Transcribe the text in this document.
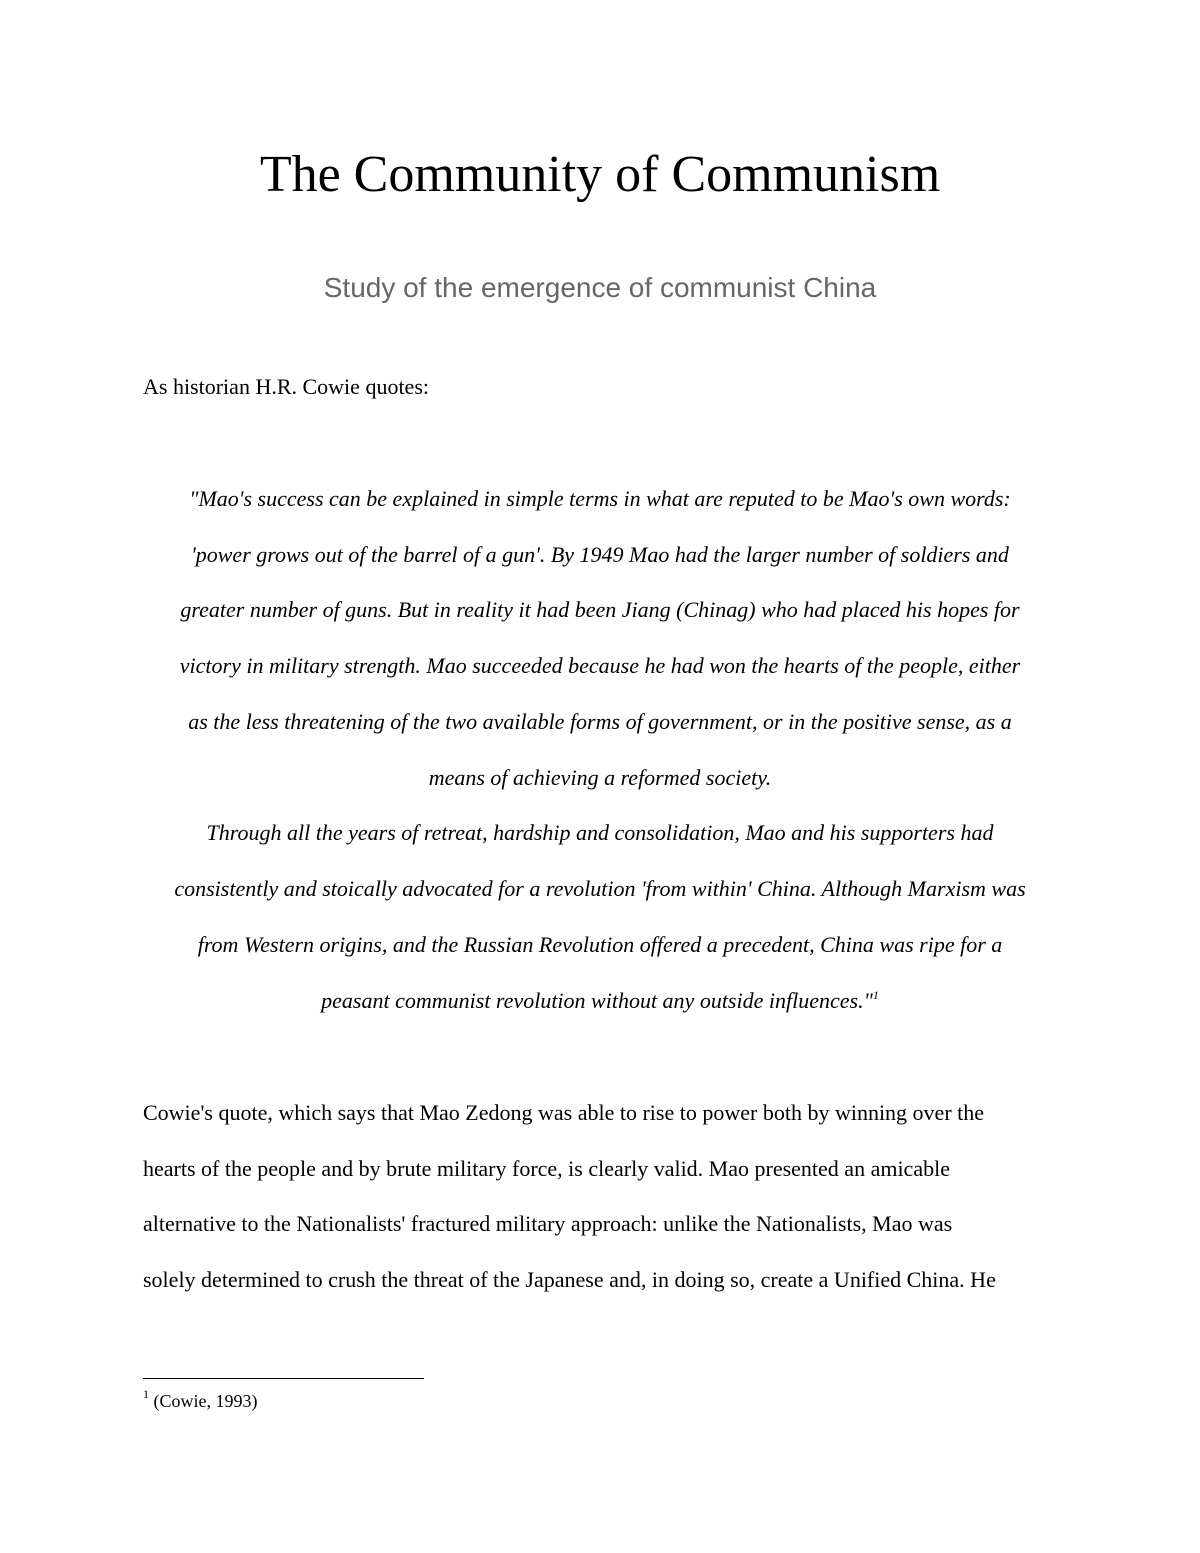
The Community of Communism
Study of the emergence of communist China

As historian H.R. Cowie quotes:

"Mao's success can be explained in simple terms in what are reputed to be Mao's own words:
'power grows out of the barrel of a gun'. By 1949 Mao had the larger number of soldiers and
greater number of guns. But in reality it had been Jiang (Chinag) who had placed his hopes for
victory in military strength. Mao succeeded because he had won the hearts of the people, either
as the less threatening of the two available forms of government, or in the positive sense, as a
means of achieving a reformed society.
Through all the years of retreat, hardship and consolidation, Mao and his supporters had
consistently and stoically advocated for a revolution 'from within' China. Although Marxism was
from Western origins, and the Russian Revolution offered a precedent, China was ripe for a
peasant communist revolution without any outside influences."$^1$
Cowie's quote, which says that Mao Zedong was able to rise to power both by winning over the
hearts of the people and by brute military force, is clearly valid. Mao presented an amicable
alternative to the Nationalists' fractured military approach: unlike the Nationalists, Mao was
solely determined to crush the threat of the Japanese and, in doing so, create a Unified China. He

$^1$ (Cowie, 1993)
